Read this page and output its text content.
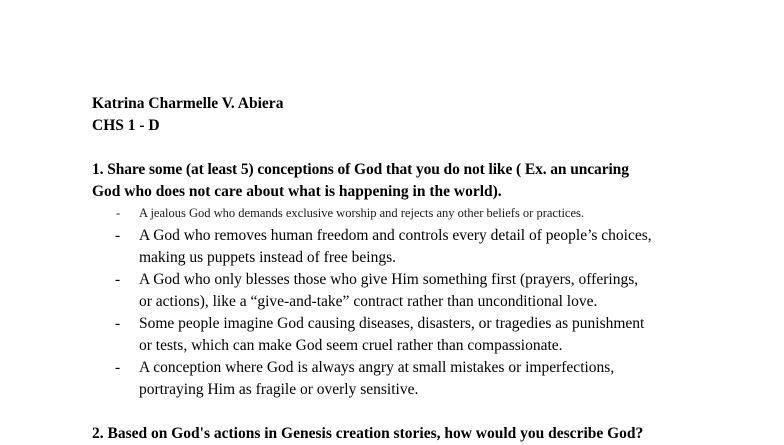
Katrina Charmelle V. Abiera
CHS 1 - D
1. Share some (at least 5) conceptions of God that you do not like ( Ex. an uncaring
God who does not care about what is happening in the world).
- A jealous God who demands exclusive worship and rejects any other beliefs or practices.
- A God who removes human freedom and controls every detail of people’s choices,
making us puppets instead of free beings.
- A God who only blesses those who give Him something first (prayers, offerings,
or actions), like a “give-and-take” contract rather than unconditional love.
- Some people imagine God causing diseases, disasters, or tragedies as punishment
or tests, which can make God seem cruel rather than compassionate.
- A conception where God is always angry at small mistakes or imperfections,
portraying Him as fragile or overly sensitive.
2. Based on God's actions in Genesis creation stories, how would you describe God?
